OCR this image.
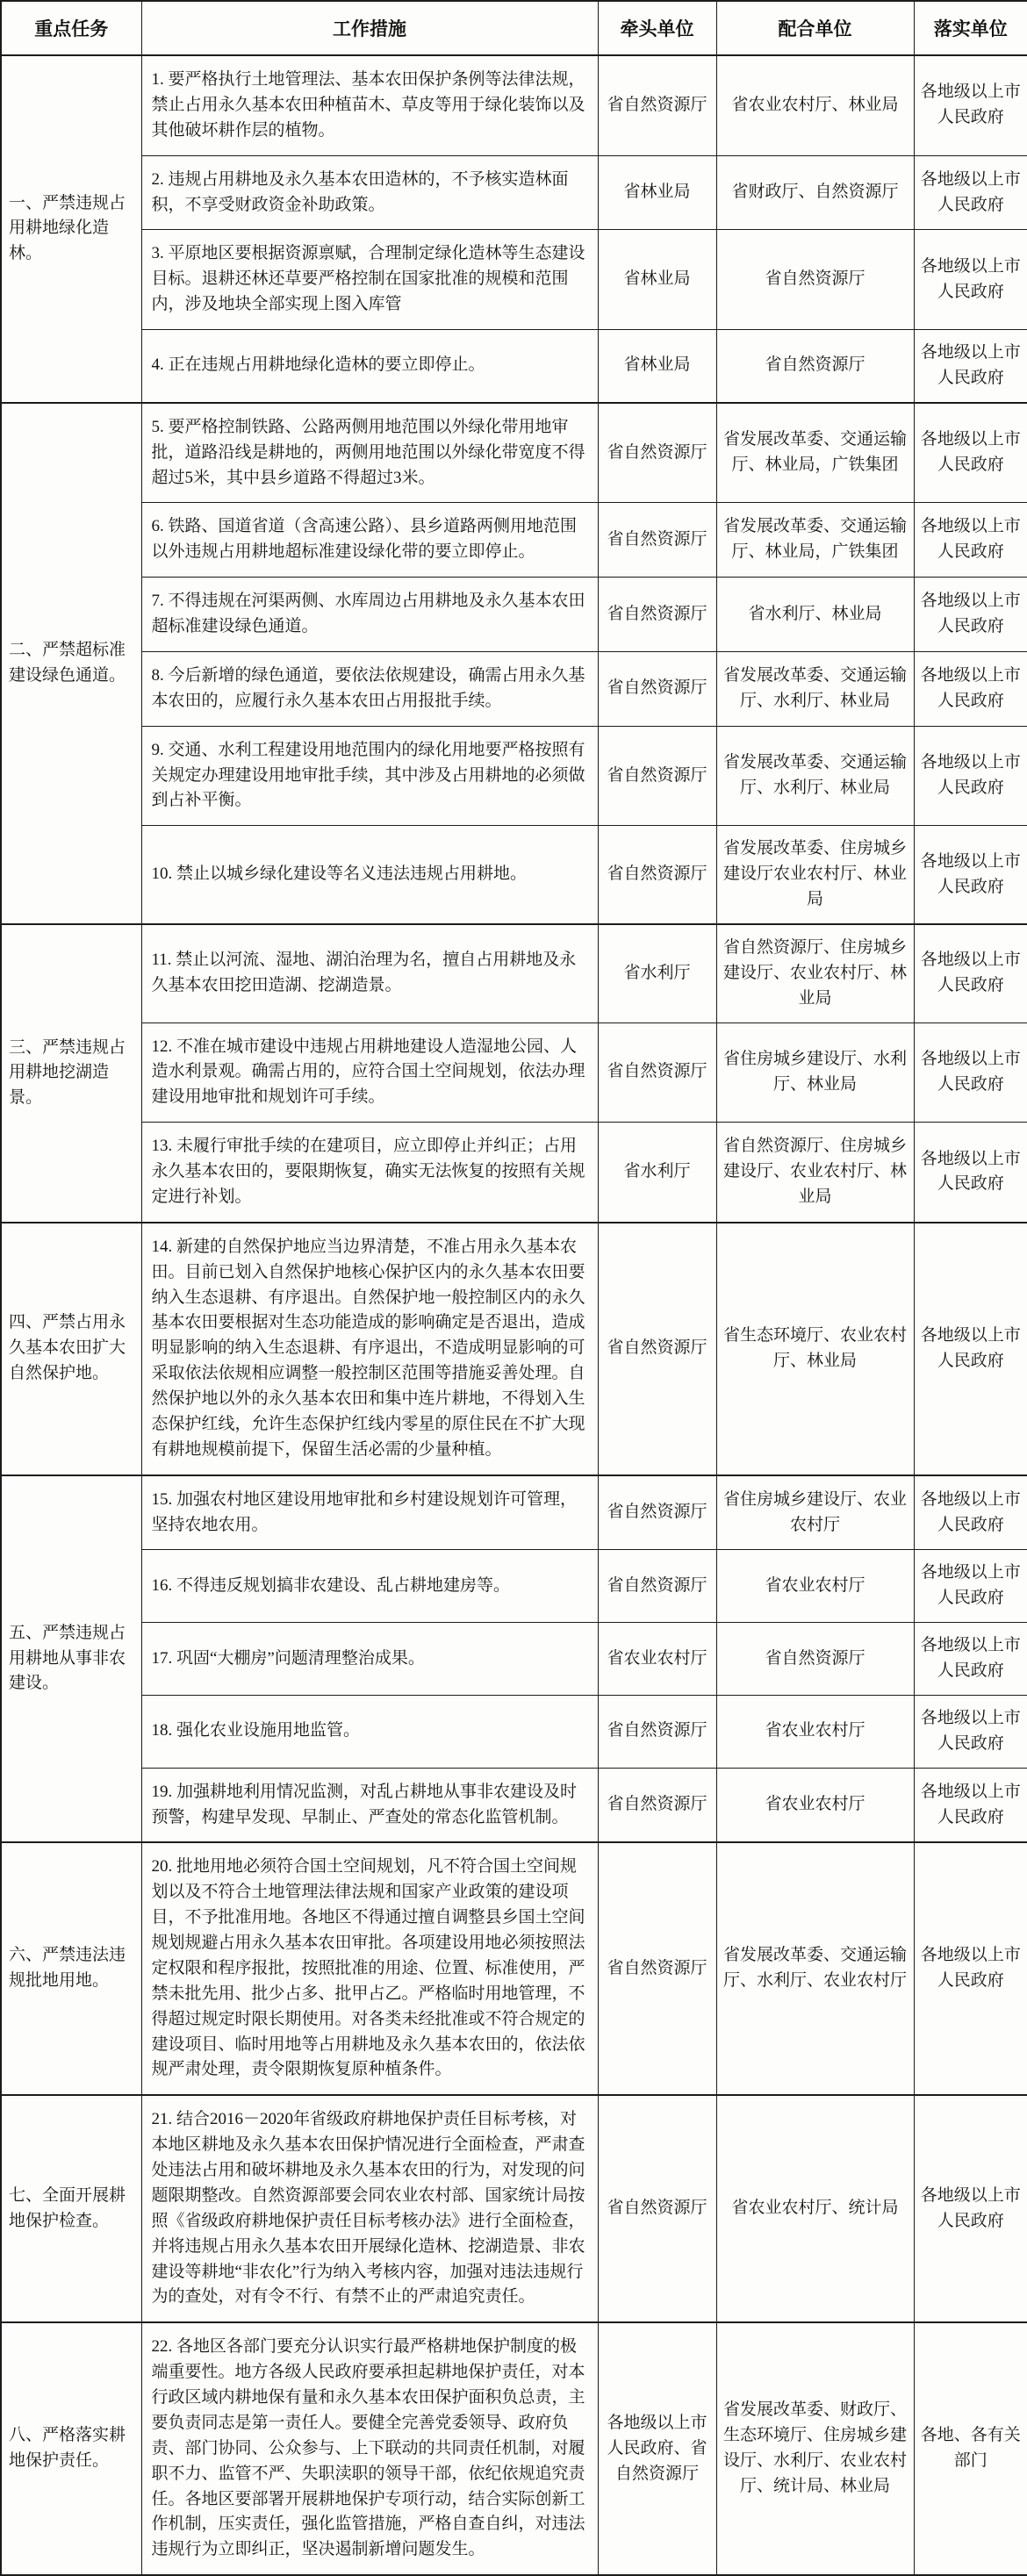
重点任务	工作措施	牵头单位	配合单位	落实单位
一、严禁违规占用耕地绿化造林。	1. 要严格执行土地管理法、基本农田保护条例等法律法规，禁止占用永久基本农田种植苗木、草皮等用于绿化装饰以及其他破坏耕作层的植物。	省自然资源厅	省农业农村厅、林业局	各地级以上市人民政府
	2. 违规占用耕地及永久基本农田造林的，不予核实造林面积，不享受财政资金补助政策。	省林业局	省财政厅、自然资源厅	各地级以上市人民政府
	3. 平原地区要根据资源禀赋，合理制定绿化造林等生态建设目标。退耕还林还草要严格控制在国家批准的规模和范围内，涉及地块全部实现上图入库管	省林业局	省自然资源厅	各地级以上市人民政府
	4. 正在违规占用耕地绿化造林的要立即停止。	省林业局	省自然资源厅	各地级以上市人民政府
二、严禁超标准建设绿色通道。	5. 要严格控制铁路、公路两侧用地范围以外绿化带用地审批，道路沿线是耕地的，两侧用地范围以外绿化带宽度不得超过5米，其中县乡道路不得超过3米。	省自然资源厅	省发展改革委、交通运输厅、林业局，广铁集团	各地级以上市人民政府
	6. 铁路、国道省道（含高速公路）、县乡道路两侧用地范围以外违规占用耕地超标准建设绿化带的要立即停止。	省自然资源厅	省发展改革委、交通运输厅、林业局，广铁集团	各地级以上市人民政府
	7. 不得违规在河渠两侧、水库周边占用耕地及永久基本农田超标准建设绿色通道。	省自然资源厅	省水利厅、林业局	各地级以上市人民政府
	8. 今后新增的绿色通道，要依法依规建设，确需占用永久基本农田的，应履行永久基本农田占用报批手续。	省自然资源厅	省发展改革委、交通运输厅、水利厅、林业局	各地级以上市人民政府
	9. 交通、水利工程建设用地范围内的绿化用地要严格按照有关规定办理建设用地审批手续，其中涉及占用耕地的必须做到占补平衡。	省自然资源厅	省发展改革委、交通运输厅、水利厅、林业局	各地级以上市人民政府
	10. 禁止以城乡绿化建设等名义违法违规占用耕地。	省自然资源厅	省发展改革委、住房城乡建设厅农业农村厅、林业局	各地级以上市人民政府
三、严禁违规占用耕地挖湖造景。	11. 禁止以河流、湿地、湖泊治理为名，擅自占用耕地及永久基本农田挖田造湖、挖湖造景。	省水利厅	省自然资源厅、住房城乡建设厅、农业农村厅、林业局	各地级以上市人民政府
	12. 不准在城市建设中违规占用耕地建设人造湿地公园、人造水利景观。确需占用的，应符合国土空间规划，依法办理建设用地审批和规划许可手续。	省自然资源厅	省住房城乡建设厅、水利厅、林业局	各地级以上市人民政府
	13. 未履行审批手续的在建项目，应立即停止并纠正；占用永久基本农田的，要限期恢复，确实无法恢复的按照有关规定进行补划。	省水利厅	省自然资源厅、住房城乡建设厅、农业农村厅、林业局	各地级以上市人民政府
四、严禁占用永久基本农田扩大自然保护地。	14. 新建的自然保护地应当边界清楚，不准占用永久基本农田。目前已划入自然保护地核心保护区内的永久基本农田要纳入生态退耕、有序退出。自然保护地一般控制区内的永久基本农田要根据对生态功能造成的影响确定是否退出，造成明显影响的纳入生态退耕、有序退出，不造成明显影响的可采取依法依规相应调整一般控制区范围等措施妥善处理。自然保护地以外的永久基本农田和集中连片耕地，不得划入生态保护红线，允许生态保护红线内零星的原住民在不扩大现有耕地规模前提下，保留生活必需的少量种植。	省自然资源厅	省生态环境厅、农业农村厅、林业局	各地级以上市人民政府
五、严禁违规占用耕地从事非农建设。	15. 加强农村地区建设用地审批和乡村建设规划许可管理，坚持农地农用。	省自然资源厅	省住房城乡建设厅、农业农村厅	各地级以上市人民政府
	16. 不得违反规划搞非农建设、乱占耕地建房等。	省自然资源厅	省农业农村厅	各地级以上市人民政府
	17. 巩固“大棚房”问题清理整治成果。	省农业农村厅	省自然资源厅	各地级以上市人民政府
	18. 强化农业设施用地监管。	省自然资源厅	省农业农村厅	各地级以上市人民政府
	19. 加强耕地利用情况监测，对乱占耕地从事非农建设及时预警，构建早发现、早制止、严查处的常态化监管机制。	省自然资源厅	省农业农村厅	各地级以上市人民政府
六、严禁违法违规批地用地。	20. 批地用地必须符合国土空间规划，凡不符合国土空间规划以及不符合土地管理法律法规和国家产业政策的建设项目，不予批准用地。各地区不得通过擅自调整县乡国土空间规划规避占用永久基本农田审批。各项建设用地必须按照法定权限和程序报批，按照批准的用途、位置、标准使用，严禁未批先用、批少占多、批甲占乙。严格临时用地管理，不得超过规定时限长期使用。对各类未经批准或不符合规定的建设项目、临时用地等占用耕地及永久基本农田的，依法依规严肃处理，责令限期恢复原种植条件。	省自然资源厅	省发展改革委、交通运输厅、水利厅、农业农村厅	各地级以上市人民政府
七、全面开展耕地保护检查。	21. 结合2016－2020年省级政府耕地保护责任目标考核，对本地区耕地及永久基本农田保护情况进行全面检查，严肃查处违法占用和破坏耕地及永久基本农田的行为，对发现的问题限期整改。自然资源部要会同农业农村部、国家统计局按照《省级政府耕地保护责任目标考核办法》进行全面检查，并将违规占用永久基本农田开展绿化造林、挖湖造景、非农建设等耕地“非农化”行为纳入考核内容，加强对违法违规行为的查处，对有令不行、有禁不止的严肃追究责任。	省自然资源厅	省农业农村厅、统计局	各地级以上市人民政府
八、严格落实耕地保护责任。	22. 各地区各部门要充分认识实行最严格耕地保护制度的极端重要性。地方各级人民政府要承担起耕地保护责任，对本行政区域内耕地保有量和永久基本农田保护面积负总责，主要负责同志是第一责任人。要健全完善党委领导、政府负责、部门协同、公众参与、上下联动的共同责任机制，对履职不力、监管不严、失职渎职的领导干部，依纪依规追究责任。各地区要部署开展耕地保护专项行动，结合实际创新工作机制，压实责任，强化监管措施，严格自查自纠，对违法违规行为立即纠正，坚决遏制新增问题发生。	各地级以上市人民政府、省自然资源厅	省发展改革委、财政厅、生态环境厅、住房城乡建设厅、水利厅、农业农村厅、统计局、林业局	各地、各有关部门
